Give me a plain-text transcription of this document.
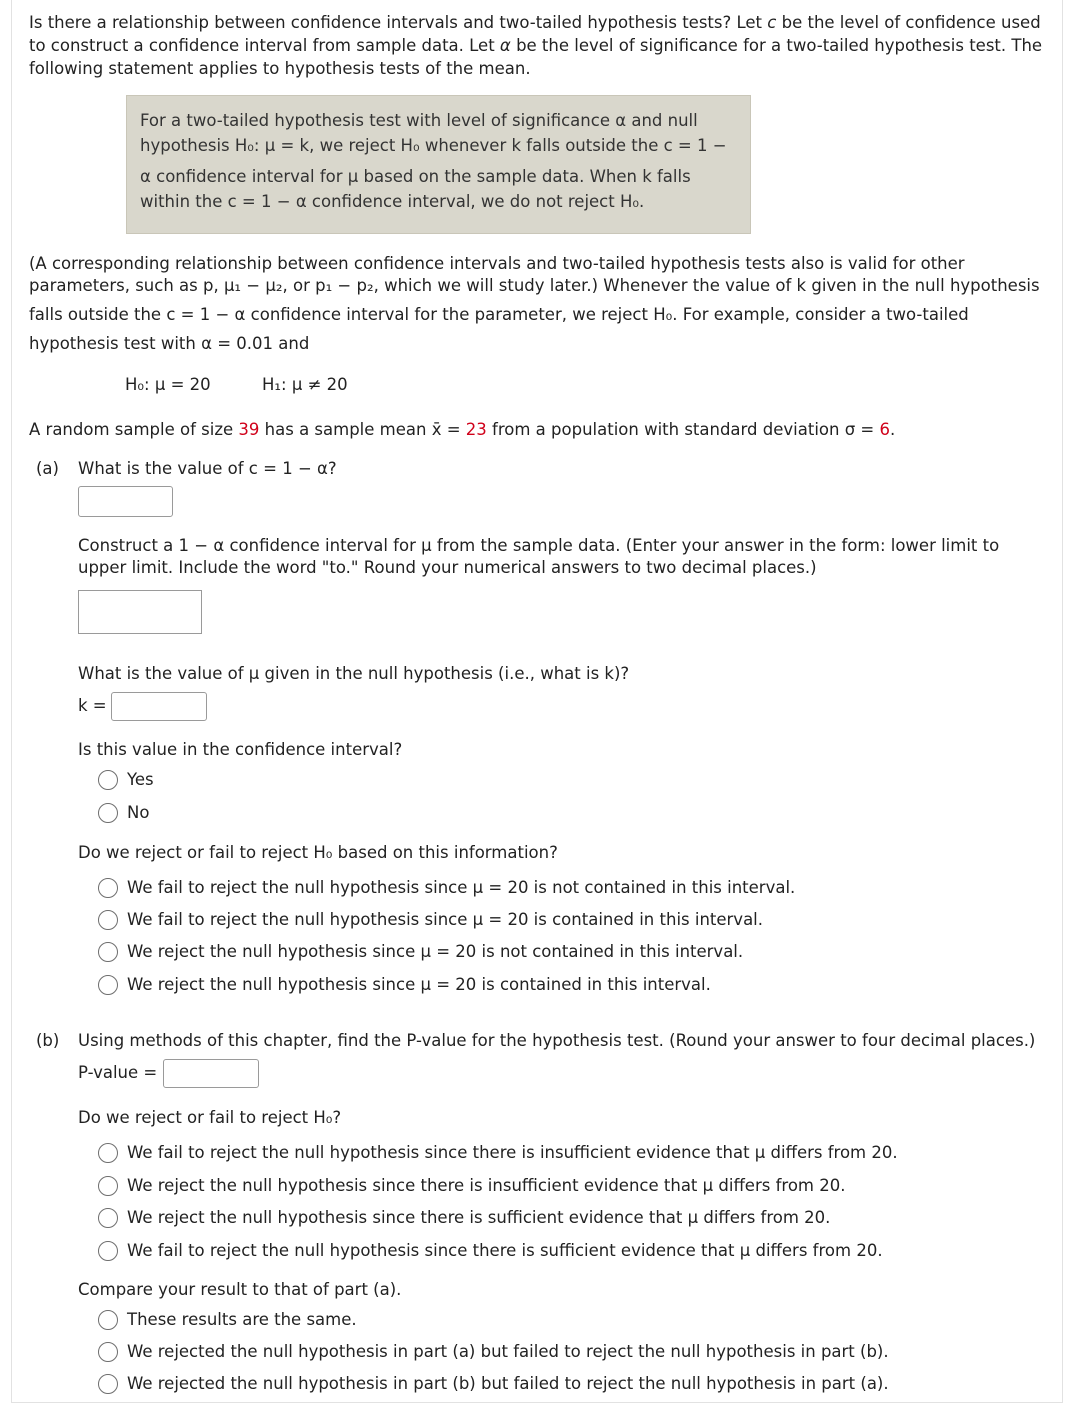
Is there a relationship between confidence intervals and two-tailed hypothesis tests? Let c be the level of confidence used
to construct a confidence interval from sample data. Let α be the level of significance for a two-tailed hypothesis test. The
following statement applies to hypothesis tests of the mean.
For a two-tailed hypothesis test with level of significance α and null
hypothesis H₀: μ = k, we reject H₀ whenever k falls outside the c = 1 −
α confidence interval for μ based on the sample data. When k falls
within the c = 1 − α confidence interval, we do not reject H₀.
(A corresponding relationship between confidence intervals and two-tailed hypothesis tests also is valid for other
parameters, such as p, μ₁ − μ₂, or p₁ − p₂, which we will study later.) Whenever the value of k given in the null hypothesis
falls outside the c = 1 − α confidence interval for the parameter, we reject H₀. For example, consider a two-tailed
hypothesis test with α = 0.01 and
H₀: μ = 20	H₁: μ ≠ 20
A random sample of size 39 has a sample mean x̄ = 23 from a population with standard deviation σ = 6.
(a) What is the value of c = 1 − α?
Construct a 1 − α confidence interval for μ from the sample data. (Enter your answer in the form: lower limit to
upper limit. Include the word "to." Round your numerical answers to two decimal places.)
What is the value of μ given in the null hypothesis (i.e., what is k)?
k =
Is this value in the confidence interval?
Yes
No
Do we reject or fail to reject H₀ based on this information?
We fail to reject the null hypothesis since μ = 20 is not contained in this interval.
We fail to reject the null hypothesis since μ = 20 is contained in this interval.
We reject the null hypothesis since μ = 20 is not contained in this interval.
We reject the null hypothesis since μ = 20 is contained in this interval.
(b) Using methods of this chapter, find the P-value for the hypothesis test. (Round your answer to four decimal places.)
P-value =
Do we reject or fail to reject H₀?
We fail to reject the null hypothesis since there is insufficient evidence that μ differs from 20.
We reject the null hypothesis since there is insufficient evidence that μ differs from 20.
We reject the null hypothesis since there is sufficient evidence that μ differs from 20.
We fail to reject the null hypothesis since there is sufficient evidence that μ differs from 20.
Compare your result to that of part (a).
These results are the same.
We rejected the null hypothesis in part (a) but failed to reject the null hypothesis in part (b).
We rejected the null hypothesis in part (b) but failed to reject the null hypothesis in part (a).
